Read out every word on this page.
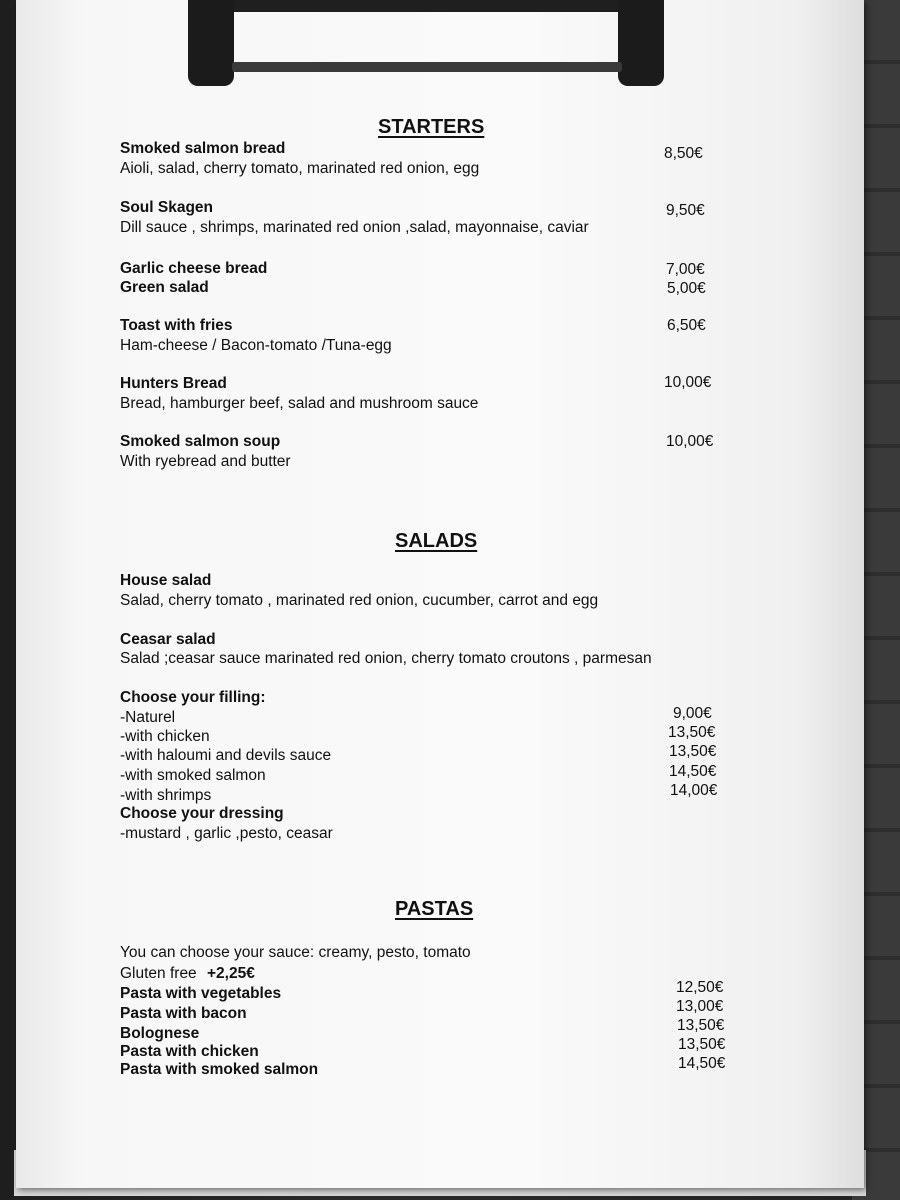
STARTERS
Smoked salmon bread
Aioli, salad, cherry tomato, marinated red onion, egg
8,50€
Soul Skagen
Dill sauce , shrimps, marinated red onion ,salad, mayonnaise, caviar
9,50€
Garlic cheese bread	7,00€
Green salad	5,00€
Toast with fries
Ham-cheese / Bacon-tomato /Tuna-egg
6,50€
Hunters Bread
Bread, hamburger beef, salad and mushroom sauce
10,00€
Smoked salmon soup
With ryebread and butter
10,00€
SALADS
House salad
Salad, cherry tomato , marinated red onion, cucumber, carrot and egg
Ceasar salad
Salad ;ceasar sauce marinated red onion, cherry tomato croutons , parmesan
Choose your filling:
-Naturel	9,00€
-with chicken	13,50€
-with haloumi and devils sauce	13,50€
-with smoked salmon	14,50€
-with shrimps	14,00€
Choose your dressing
-mustard , garlic ,pesto, ceasar
PASTAS
You can choose your sauce: creamy, pesto, tomato
Gluten free +2,25€
Pasta with vegetables	12,50€
Pasta with bacon	13,00€
Bolognese	13,50€
Pasta with chicken	13,50€
Pasta with smoked salmon	14,50€
